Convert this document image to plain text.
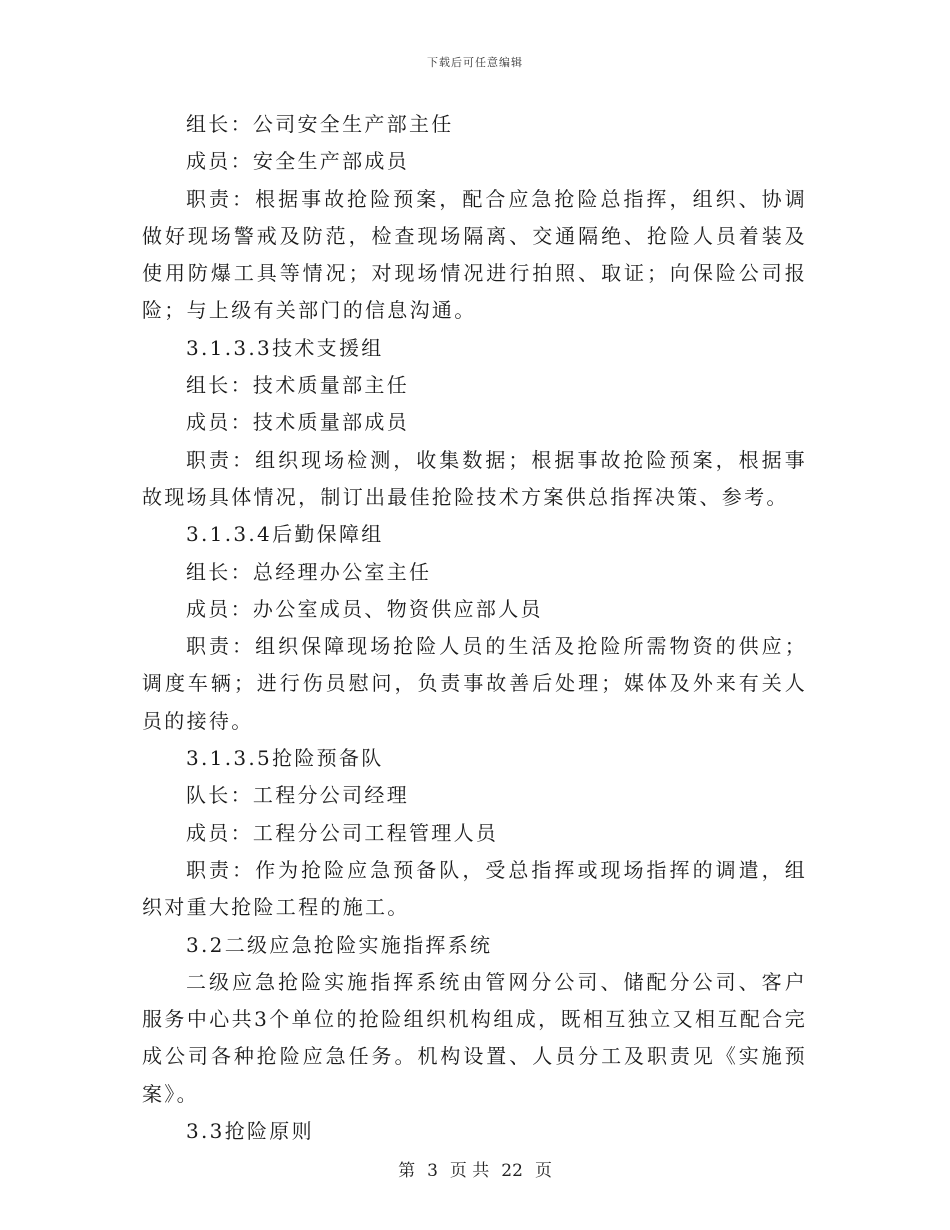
下载后可任意编辑

组长：公司安全生产部主任

成员：安全生产部成员

职责：根据事故抢险预案，配合应急抢险总指挥，组织、协调做好现场警戒及防范，检查现场隔离、交通隔绝、抢险人员着装及使用防爆工具等情况；对现场情况进行拍照、取证；向保险公司报险；与上级有关部门的信息沟通。

3.1.3.3技术支援组

组长：技术质量部主任

成员：技术质量部成员

职责：组织现场检测，收集数据；根据事故抢险预案，根据事故现场具体情况，制订出最佳抢险技术方案供总指挥决策、参考。

3.1.3.4后勤保障组

组长：总经理办公室主任

成员：办公室成员、物资供应部人员

职责：组织保障现场抢险人员的生活及抢险所需物资的供应；调度车辆；进行伤员慰问，负责事故善后处理；媒体及外来有关人员的接待。

3.1.3.5抢险预备队

队长：工程分公司经理

成员：工程分公司工程管理人员

职责：作为抢险应急预备队，受总指挥或现场指挥的调遣，组织对重大抢险工程的施工。

3.2二级应急抢险实施指挥系统

二级应急抢险实施指挥系统由管网分公司、储配分公司、客户服务中心共3个单位的抢险组织机构组成，既相互独立又相互配合完成公司各种抢险应急任务。机构设置、人员分工及职责见《实施预案》。

3.3抢险原则

第 3 页 共 22 页
